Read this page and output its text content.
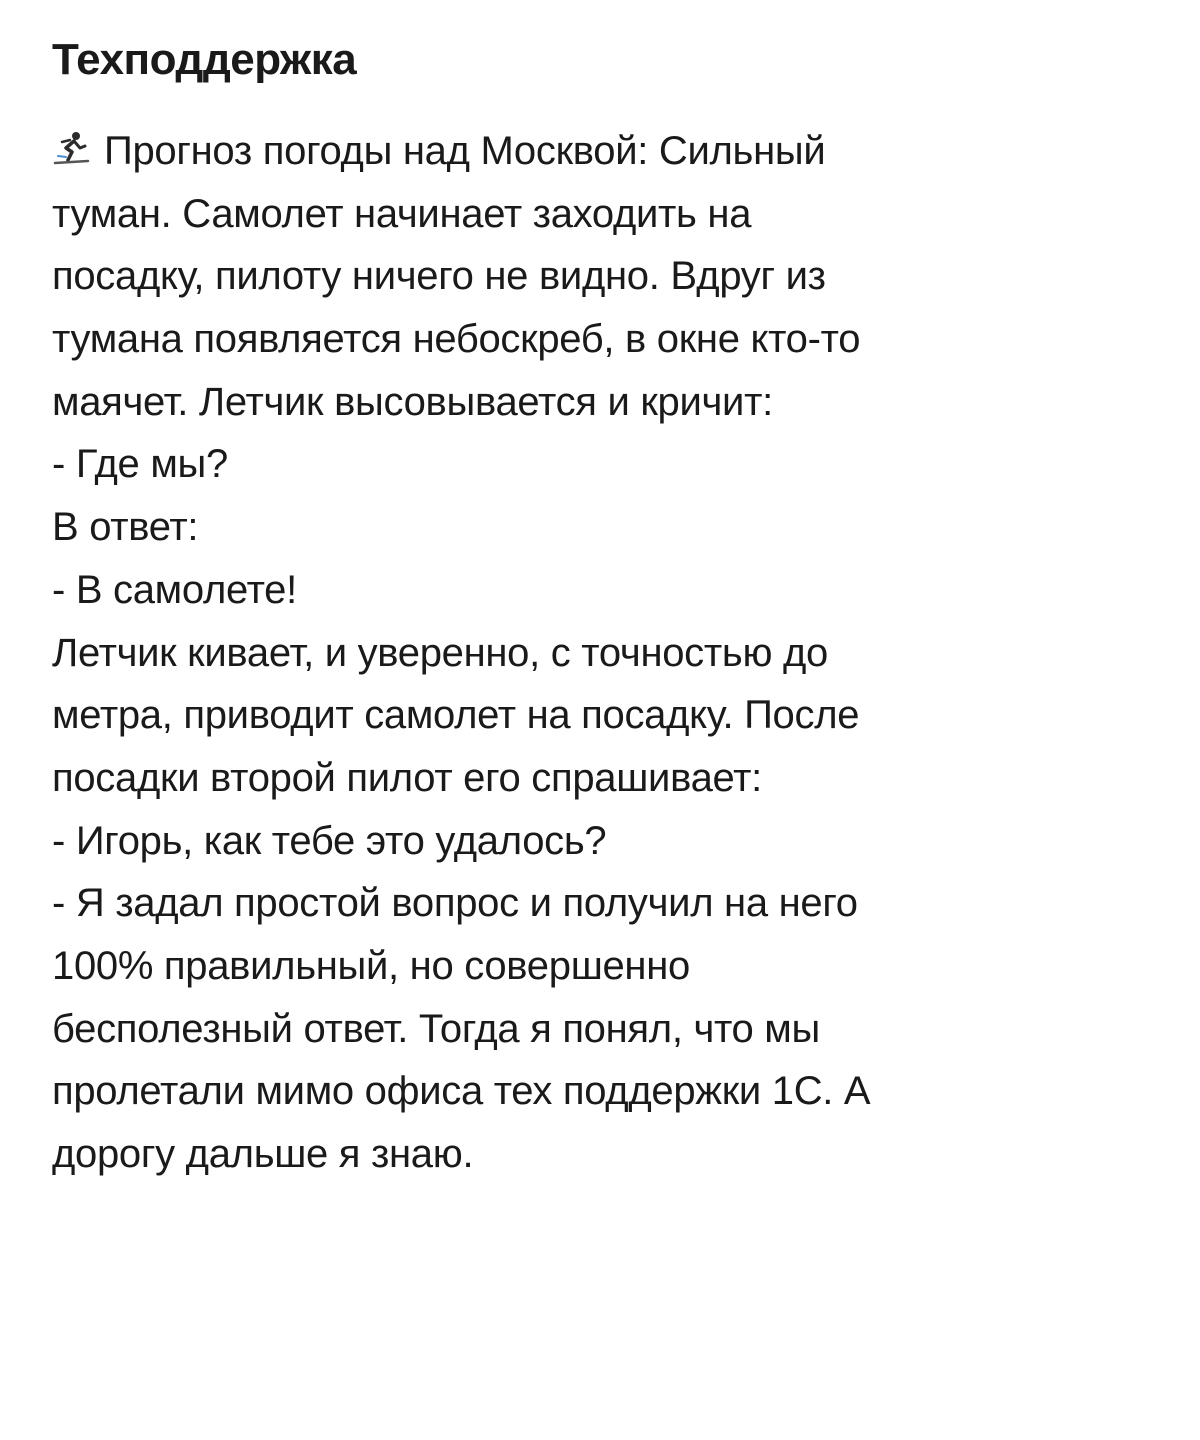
Техподдержка
Прогноз погоды над Москвой: Сильный
туман. Самолет начинает заходить на
посадку, пилоту ничего не видно. Вдруг из
тумана появляется небоскреб, в окне кто-то
маячет. Летчик высовывается и кричит:
- Где мы?
В ответ:
- В самолете!
Летчик кивает, и уверенно, с точностью до
метра, приводит самолет на посадку. После
посадки второй пилот его спрашивает:
- Игорь, как тебе это удалось?
- Я задал простой вопрос и получил на него
100% правильный, но совершенно
бесполезный ответ. Тогда я понял, что мы
пролетали мимо офиса тех поддержки 1С. А
дорогу дальше я знаю.
